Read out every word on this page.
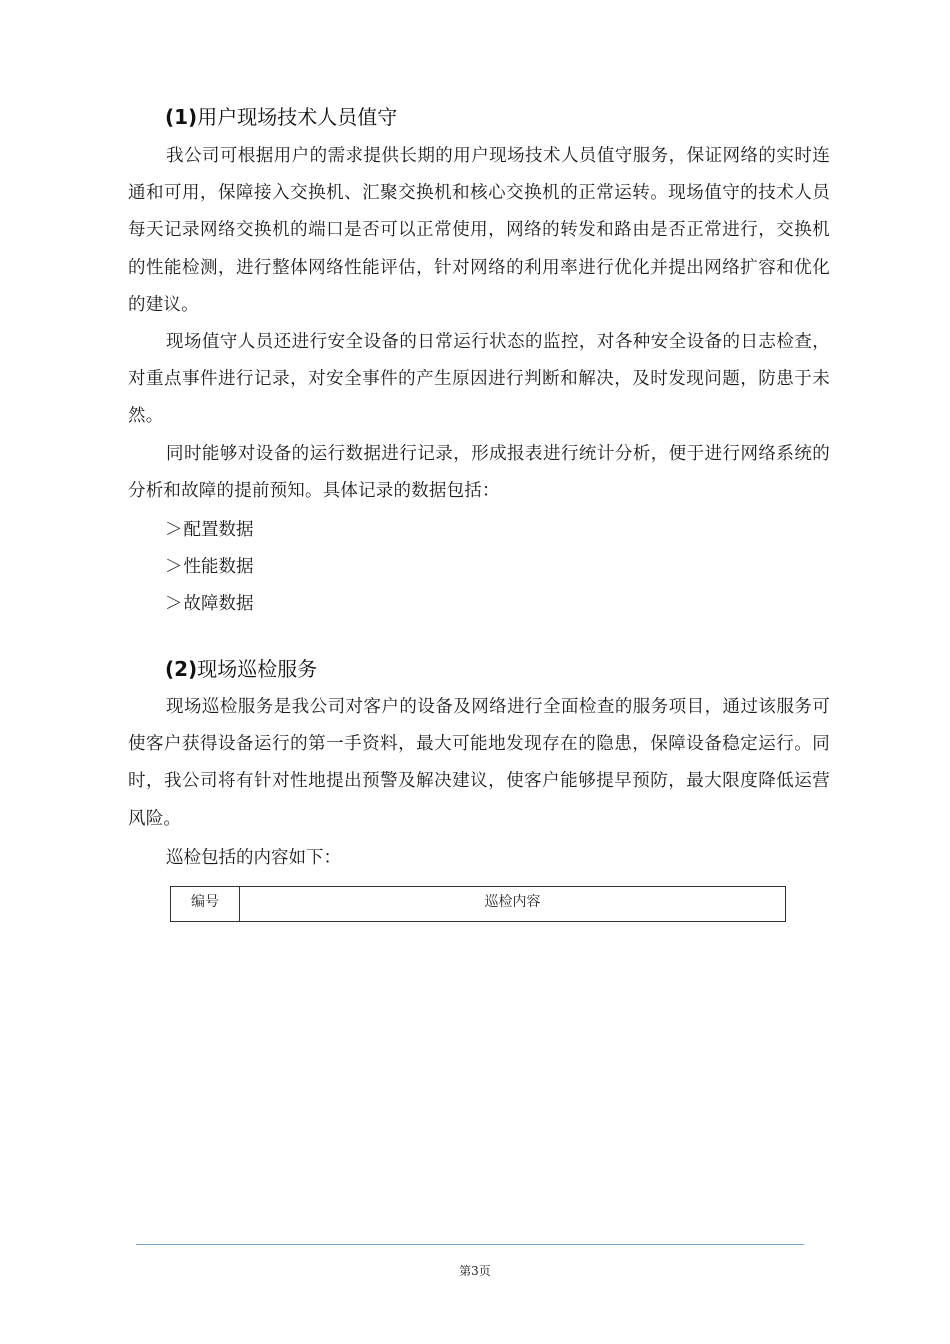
(1)用户现场技术人员值守

我公司可根据用户的需求提供长期的用户现场技术人员值守服务，保证网络的实时连通和可用，保障接入交换机、汇聚交换机和核心交换机的正常运转。现场值守的技术人员每天记录网络交换机的端口是否可以正常使用，网络的转发和路由是否正常进行，交换机的性能检测，进行整体网络性能评估，针对网络的利用率进行优化并提出网络扩容和优化的建议。

现场值守人员还进行安全设备的日常运行状态的监控，对各种安全设备的日志检查，对重点事件进行记录，对安全事件的产生原因进行判断和解决，及时发现问题，防患于未然。

同时能够对设备的运行数据进行记录，形成报表进行统计分析，便于进行网络系统的分析和故障的提前预知。具体记录的数据包括：

＞配置数据
＞性能数据
＞故障数据
(2)现场巡检服务

现场巡检服务是我公司对客户的设备及网络进行全面检查的服务项目，通过该服务可使客户获得设备运行的第一手资料，最大可能地发现存在的隐患，保障设备稳定运行。同时，我公司将有针对性地提出预警及解决建议，使客户能够提早预防，最大限度降低运营风险。

巡检包括的内容如下：
编号	巡检内容
第3页
